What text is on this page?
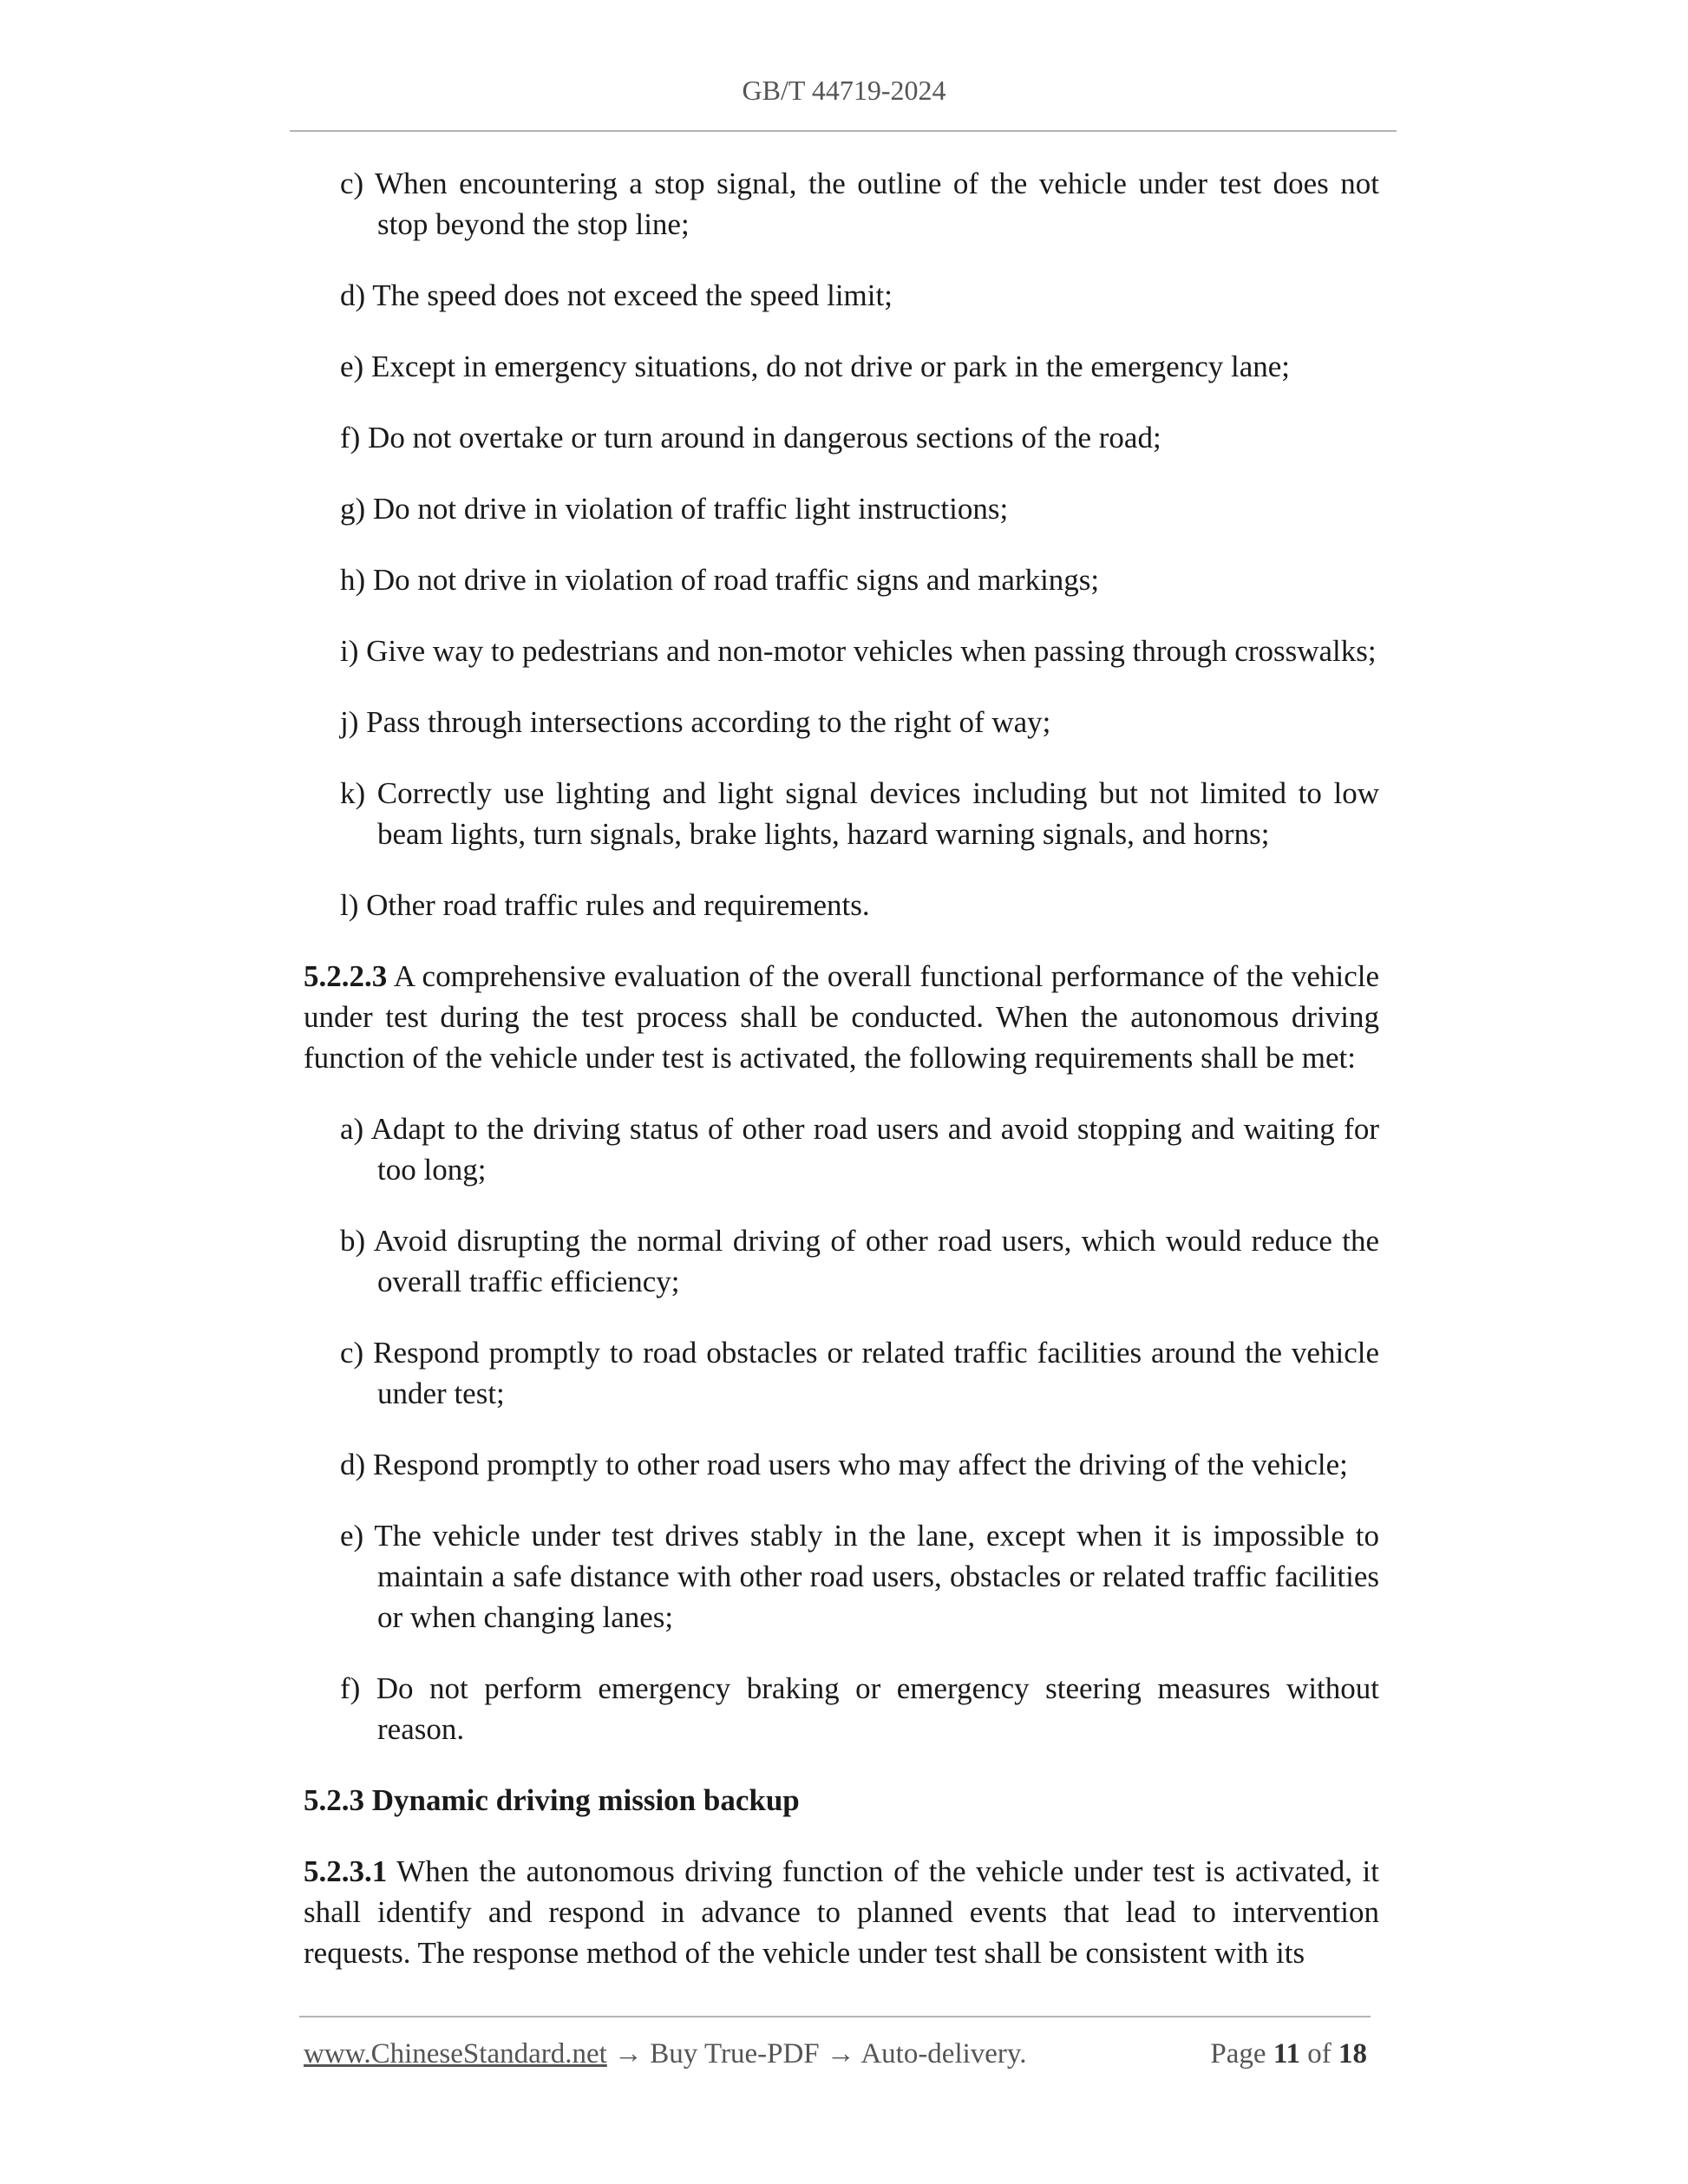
GB/T 44719-2024
c) When encountering a stop signal, the outline of the vehicle under test does not stop beyond the stop line;
d) The speed does not exceed the speed limit;
e) Except in emergency situations, do not drive or park in the emergency lane;
f) Do not overtake or turn around in dangerous sections of the road;
g) Do not drive in violation of traffic light instructions;
h) Do not drive in violation of road traffic signs and markings;
i) Give way to pedestrians and non-motor vehicles when passing through crosswalks;
j) Pass through intersections according to the right of way;
k) Correctly use lighting and light signal devices including but not limited to low beam lights, turn signals, brake lights, hazard warning signals, and horns;
l) Other road traffic rules and requirements.
5.2.2.3 A comprehensive evaluation of the overall functional performance of the vehicle under test during the test process shall be conducted. When the autonomous driving function of the vehicle under test is activated, the following requirements shall be met:
a) Adapt to the driving status of other road users and avoid stopping and waiting for too long;
b) Avoid disrupting the normal driving of other road users, which would reduce the overall traffic efficiency;
c) Respond promptly to road obstacles or related traffic facilities around the vehicle under test;
d) Respond promptly to other road users who may affect the driving of the vehicle;
e) The vehicle under test drives stably in the lane, except when it is impossible to maintain a safe distance with other road users, obstacles or related traffic facilities or when changing lanes;
f) Do not perform emergency braking or emergency steering measures without reason.
5.2.3 Dynamic driving mission backup
5.2.3.1 When the autonomous driving function of the vehicle under test is activated, it shall identify and respond in advance to planned events that lead to intervention requests. The response method of the vehicle under test shall be consistent with its
www.ChineseStandard.net → Buy True-PDF → Auto-delivery.	Page 11 of 18
